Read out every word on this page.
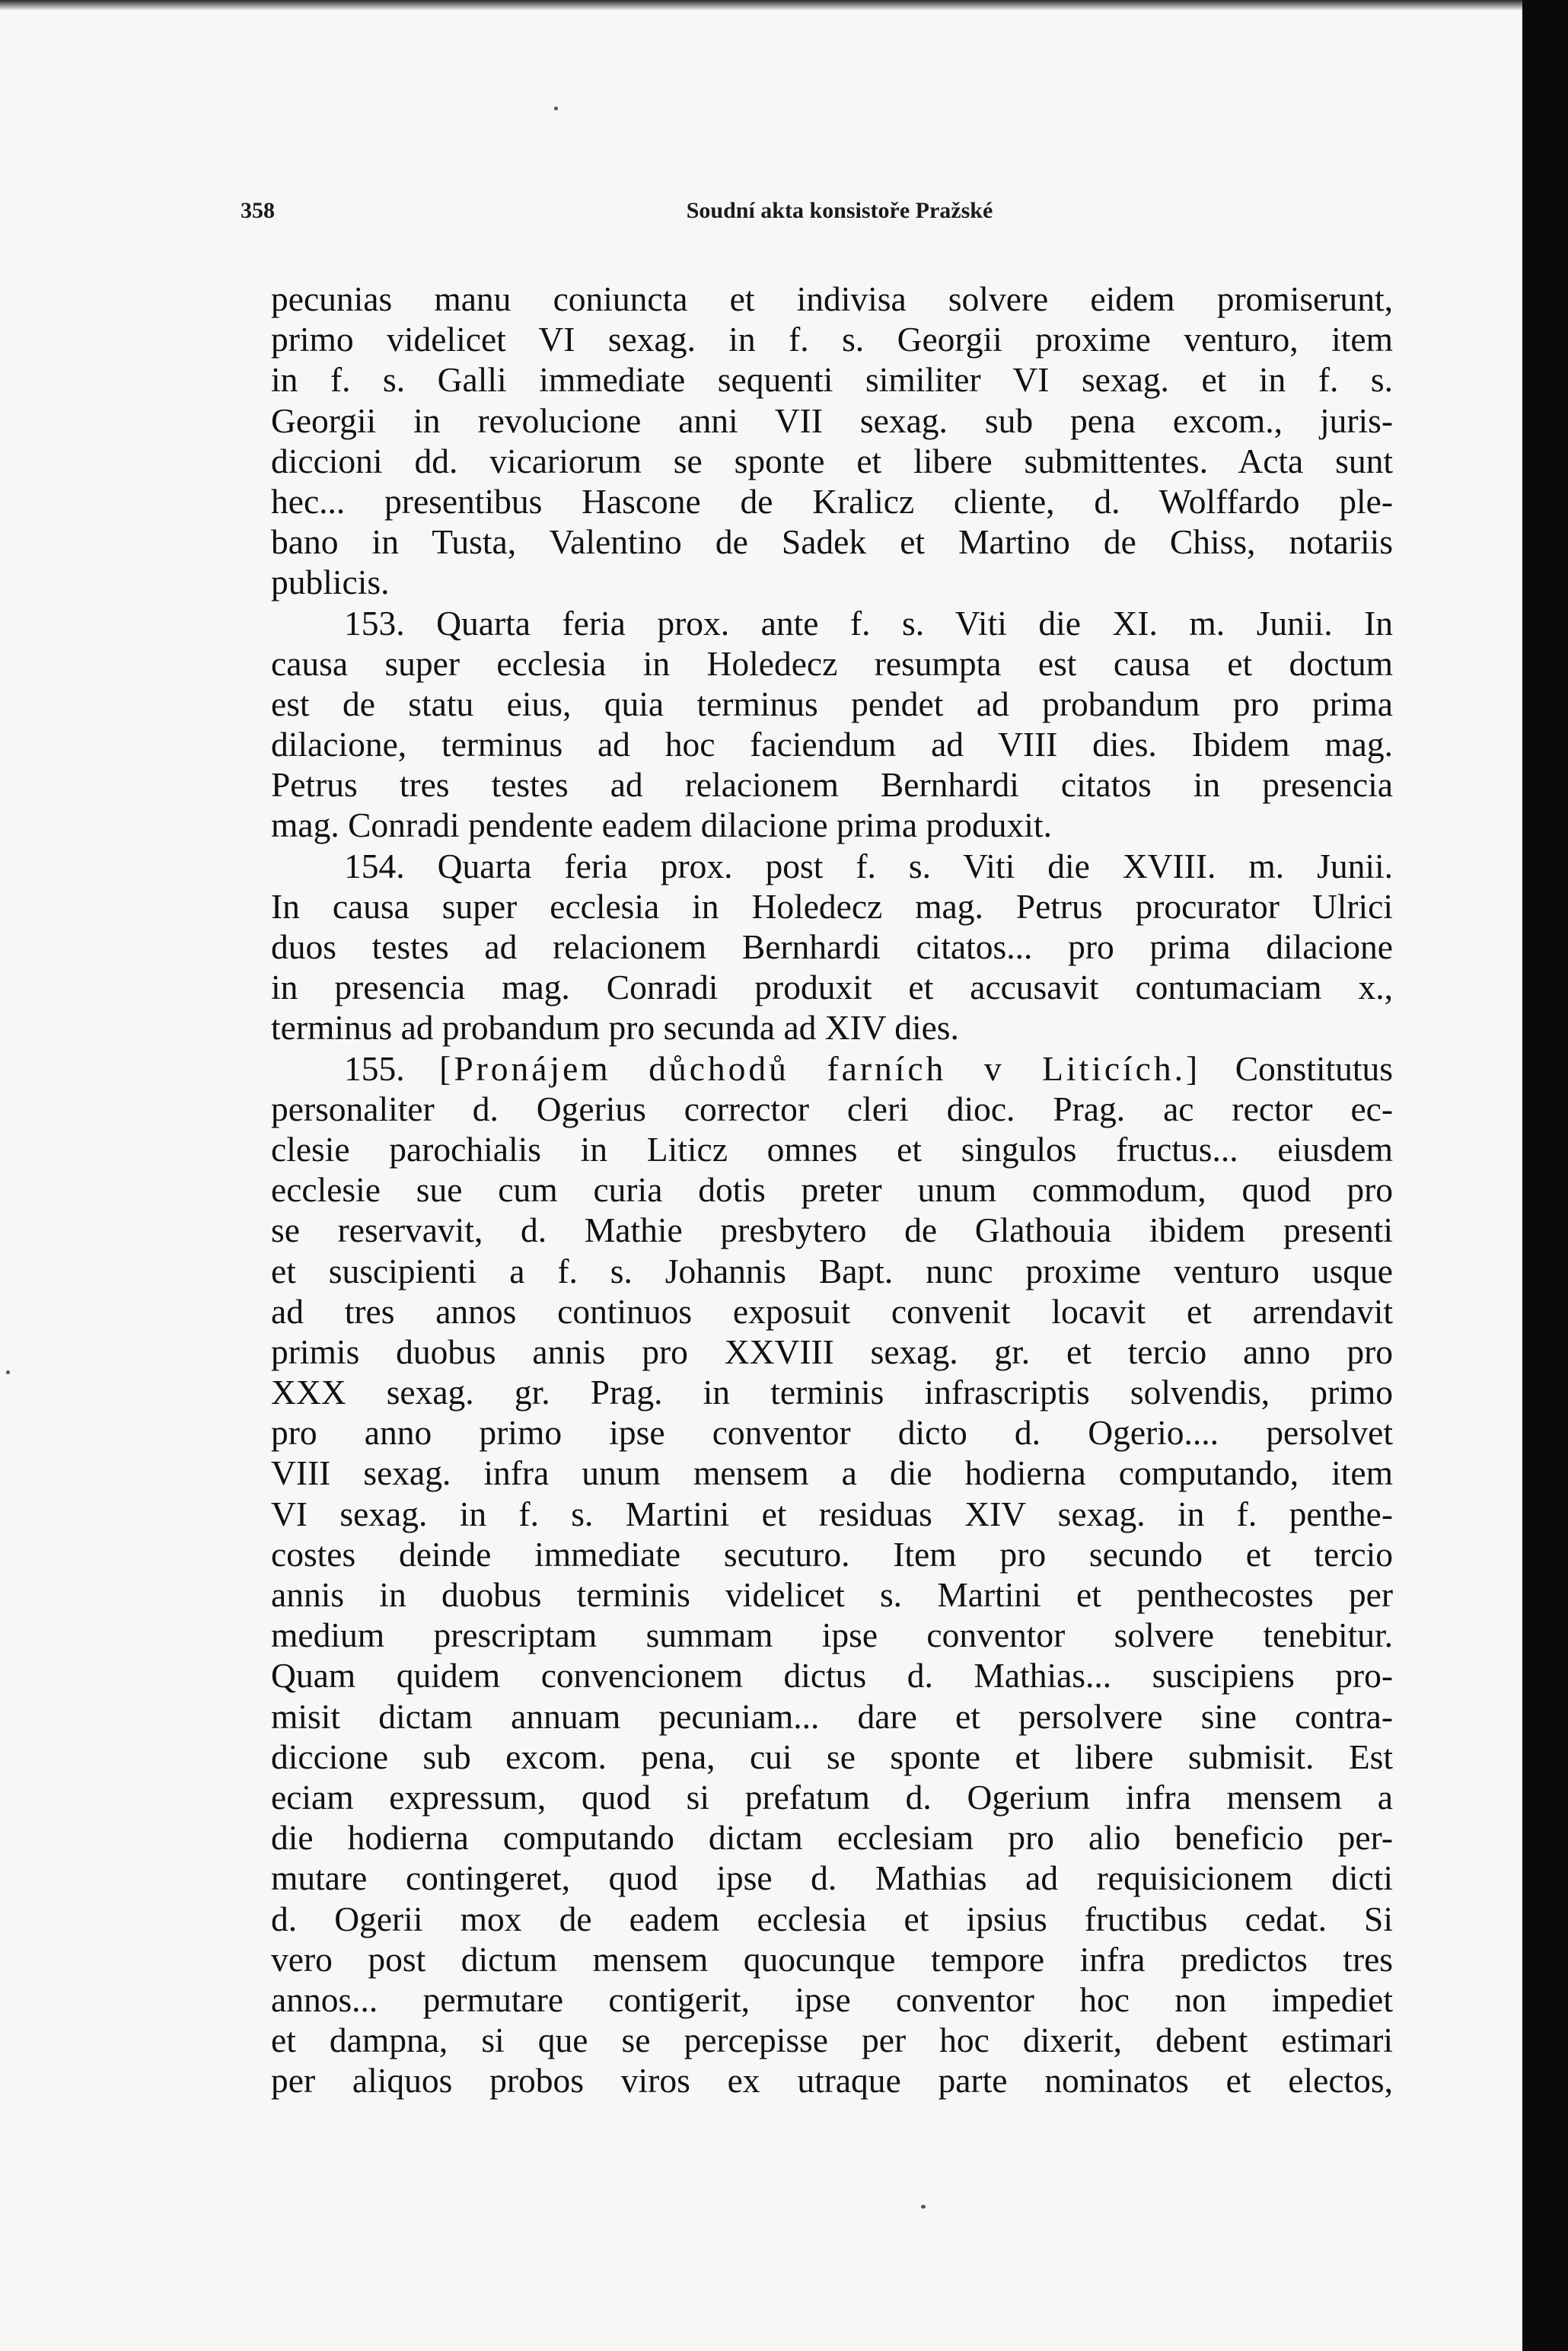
358	Soudní akta konsistoře Pražské
pecunias manu coniuncta et indivisa solvere eidem promiserunt,
primo videlicet VI sexag. in f. s. Georgii proxime venturo, item
in f. s. Galli immediate sequenti similiter VI sexag. et in f. s.
Georgii in revolucione anni VII sexag. sub pena excom., juris-
diccioni dd. vicariorum se sponte et libere submittentes. Acta sunt
hec... presentibus Hascone de Kralicz cliente, d. Wolffardo ple-
bano in Tusta, Valentino de Sadek et Martino de Chiss, notariis
publicis.
153. Quarta feria prox. ante f. s. Viti die XI. m. Junii. In
causa super ecclesia in Holedecz resumpta est causa et doctum
est de statu eius, quia terminus pendet ad probandum pro prima
dilacione, terminus ad hoc faciendum ad VIII dies. Ibidem mag.
Petrus tres testes ad relacionem Bernhardi citatos in presencia
mag. Conradi pendente eadem dilacione prima produxit.
154. Quarta feria prox. post f. s. Viti die XVIII. m. Junii.
In causa super ecclesia in Holedecz mag. Petrus procurator Ulrici
duos testes ad relacionem Bernhardi citatos... pro prima dilacione
in presencia mag. Conradi produxit et accusavit contumaciam x.,
terminus ad probandum pro secunda ad XIV dies.
155. [Pronájem důchodů farních v Liticích.] Constitutus
personaliter d. Ogerius corrector cleri dioc. Prag. ac rector ec-
clesie parochialis in Liticz omnes et singulos fructus... eiusdem
ecclesie sue cum curia dotis preter unum commodum, quod pro
se reservavit, d. Mathie presbytero de Glathouia ibidem presenti
et suscipienti a f. s. Johannis Bapt. nunc proxime venturo usque
ad tres annos continuos exposuit convenit locavit et arrendavit
primis duobus annis pro XXVIII sexag. gr. et tercio anno pro
XXX sexag. gr. Prag. in terminis infrascriptis solvendis, primo
pro anno primo ipse conventor dicto d. Ogerio.... persolvet
VIII sexag. infra unum mensem a die hodierna computando, item
VI sexag. in f. s. Martini et residuas XIV sexag. in f. penthe-
costes deinde immediate secuturo. Item pro secundo et tercio
annis in duobus terminis videlicet s. Martini et penthecostes per
medium prescriptam summam ipse conventor solvere tenebitur.
Quam quidem convencionem dictus d. Mathias... suscipiens pro-
misit dictam annuam pecuniam... dare et persolvere sine contra-
diccione sub excom. pena, cui se sponte et libere submisit. Est
eciam expressum, quod si prefatum d. Ogerium infra mensem a
die hodierna computando dictam ecclesiam pro alio beneficio per-
mutare contingeret, quod ipse d. Mathias ad requisicionem dicti
d. Ogerii mox de eadem ecclesia et ipsius fructibus cedat. Si
vero post dictum mensem quocunque tempore infra predictos tres
annos... permutare contigerit, ipse conventor hoc non impediet
et dampna, si que se percepisse per hoc dixerit, debent estimari
per aliquos probos viros ex utraque parte nominatos et electos,
